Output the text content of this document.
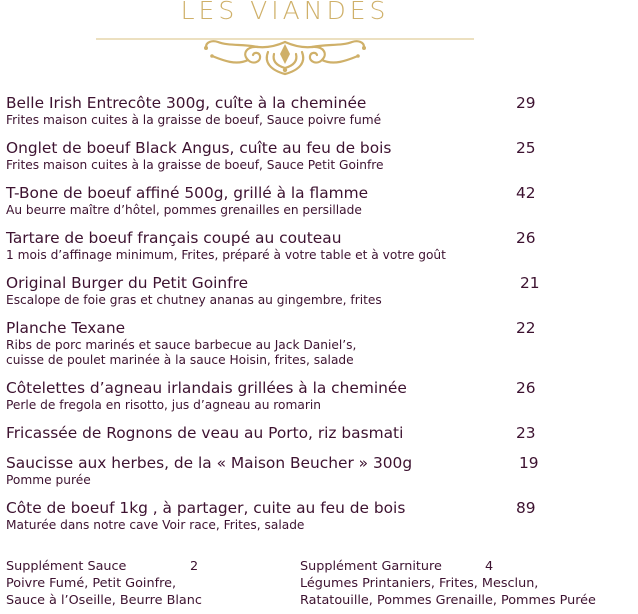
LES VIANDES
Belle Irish Entrecôte 300g, cuîte à la cheminée	29
Frites maison cuites à la graisse de boeuf, Sauce poivre fumé
Onglet de boeuf Black Angus, cuîte au feu de bois	25
Frites maison cuites à la graisse de boeuf, Sauce Petit Goinfre
T-Bone de boeuf affiné 500g, grillé à la flamme	42
Au beurre maître d’hôtel, pommes grenailles en persillade
Tartare de boeuf français coupé au couteau	26
1 mois d’affinage minimum, Frites, préparé à votre table et à votre goût
Original Burger du Petit Goinfre	21
Escalope de foie gras et chutney ananas au gingembre, frites
Planche Texane	22
Ribs de porc marinés et sauce barbecue au Jack Daniel’s,
cuisse de poulet marinée à la sauce Hoisin, frites, salade
Côtelettes d’agneau irlandais grillées à la cheminée	26
Perle de fregola en risotto, jus d’agneau au romarin
Fricassée de Rognons de veau au Porto, riz basmati	23
Saucisse aux herbes, de la « Maison Beucher » 300g	19
Pomme purée
Côte de boeuf 1kg , à partager, cuite au feu de bois	89
Maturée dans notre cave Voir race, Frites, salade
Supplément Sauce	2
Poivre Fumé, Petit Goinfre,
Sauce à l’Oseille, Beurre Blanc
Supplément Garniture	4
Légumes Printaniers, Frites, Mesclun,
Ratatouille, Pommes Grenaille, Pommes Purée
